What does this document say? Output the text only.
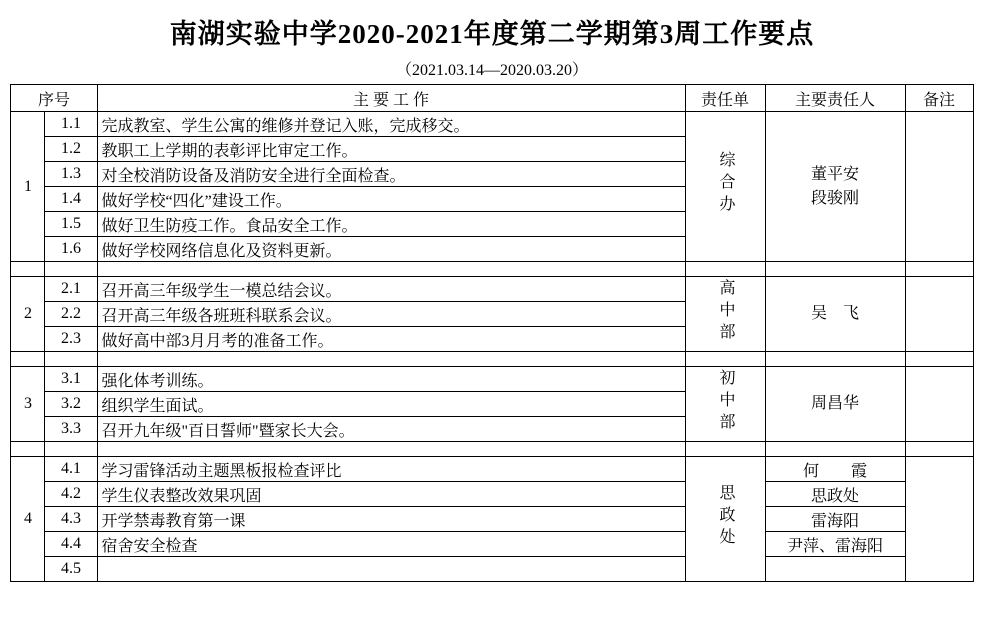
南湖实验中学2020-2021年度第二学期第3周工作要点
（2021.03.14—2020.03.20）
序号		主 要 工 作	责任单	主要责任人	备注
1	1.1	完成教室、学生公寓的维修并登记入账，完成移交。	综合办	董平安
段骏刚	

	1.2	教职工上学期的表彰评比审定工作。			
	1.3	对全校消防设备及消防安全进行全面检查。			
	1.4	做好学校“四化”建设工作。			
	1.5	做好卫生防疫工作。食品安全工作。			
	1.6	做好学校网络信息化及资料更新。			

2	2.1	召开高三年级学生一模总结会议。	高中部	吴　飞	

	2.2	召开高三年级各班班科联系会议。			
	2.3	做好高中部3月月考的准备工作。			

3	3.1	强化体考训练。	初中部	周昌华	

	3.2	组织学生面试。			
	3.3	召开九年级"百日誓师"暨家长大会。			

4	4.1	学习雷锋活动主题黑板报检查评比	思政处	何　　霞	
	4.2	学生仪表整改效果巩固		思政处	
	4.3	开学禁毒教育第一课		雷海阳	
	4.4	宿舍安全检查		尹萍、雷海阳	
	4.5				
